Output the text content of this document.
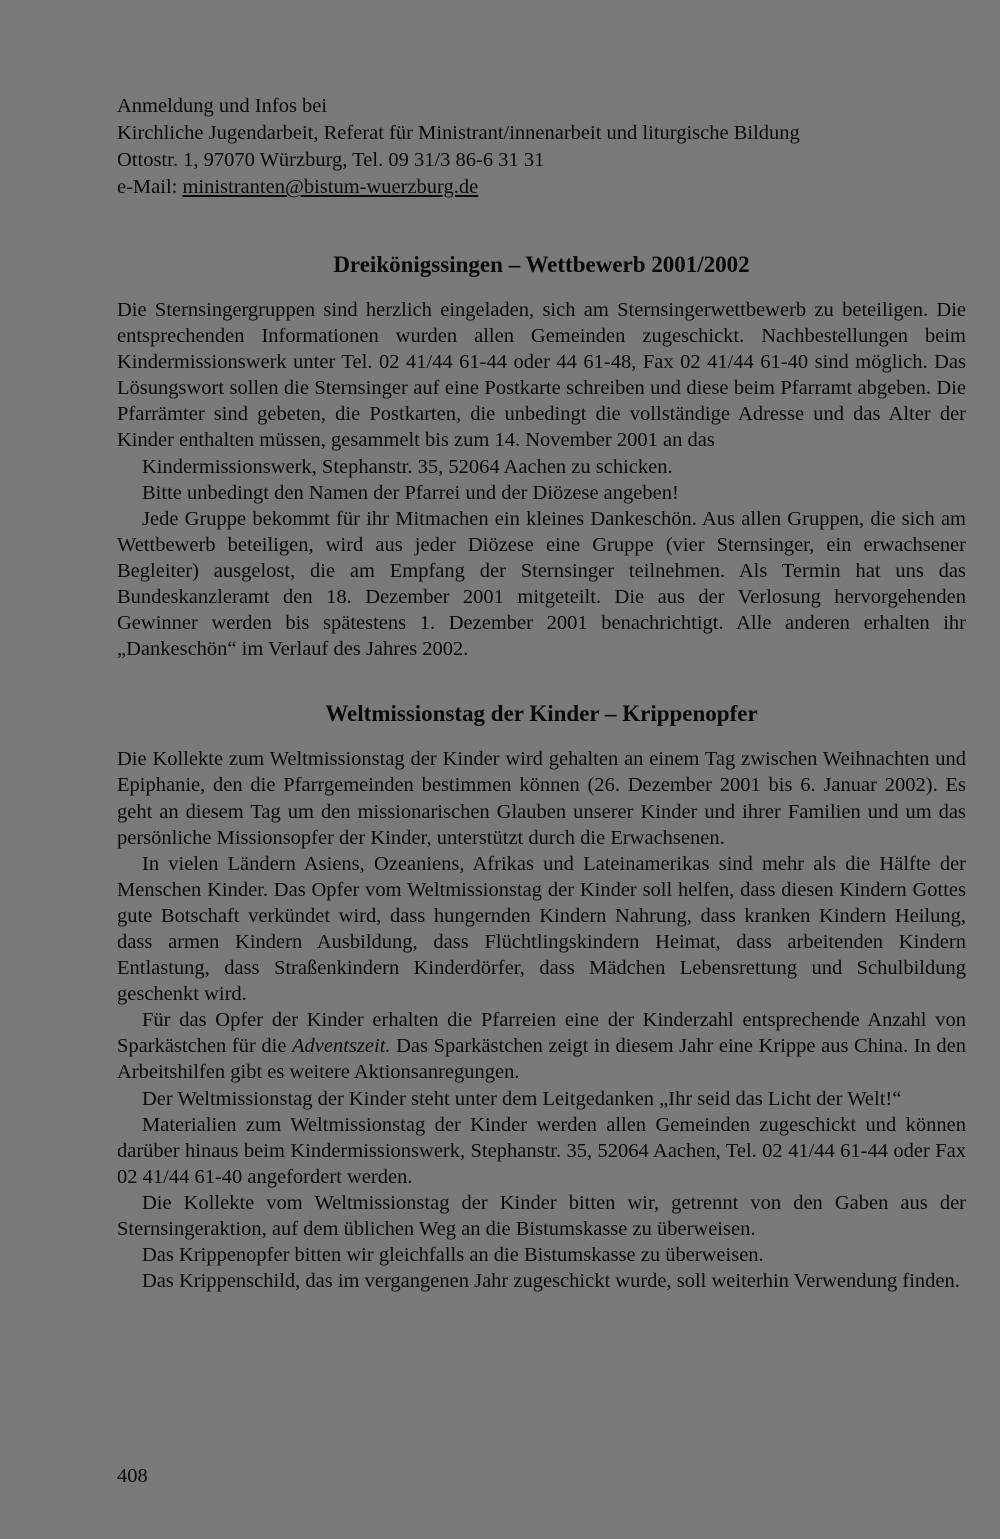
Anmeldung und Infos bei

Kirchliche Jugendarbeit, Referat für Ministrant/innenarbeit und liturgische Bildung

Ottostr. 1, 97070 Würzburg, Tel. 09 31/3 86-6 31 31

e-Mail: ministranten@bistum-wuerzburg.de

Dreikönigssingen – Wettbewerb 2001/2002

Die Sternsingergruppen sind herzlich eingeladen, sich am Sternsingerwettbewerb zu beteiligen. Die entsprechenden Informationen wurden allen Gemeinden zugeschickt. Nachbestellungen beim Kindermissionswerk unter Tel. 02 41/44 61-44 oder 44 61-48, Fax 02 41/44 61-40 sind möglich. Das Lösungswort sollen die Sternsinger auf eine Postkarte schreiben und diese beim Pfarramt abgeben. Die Pfarrämter sind gebeten, die Postkarten, die unbedingt die vollständige Adresse und das Alter der Kinder enthalten müssen, gesammelt bis zum 14. November 2001 an das

Kindermissionswerk, Stephanstr. 35, 52064 Aachen zu schicken.

Bitte unbedingt den Namen der Pfarrei und der Diözese angeben!

Jede Gruppe bekommt für ihr Mitmachen ein kleines Dankeschön. Aus allen Gruppen, die sich am Wettbewerb beteiligen, wird aus jeder Diözese eine Gruppe (vier Sternsinger, ein erwachsener Begleiter) ausgelost, die am Empfang der Sternsinger teilnehmen. Als Termin hat uns das Bundeskanzleramt den 18. Dezember 2001 mitgeteilt. Die aus der Verlosung hervorgehenden Gewinner werden bis spätestens 1. Dezember 2001 benachrichtigt. Alle anderen erhalten ihr „Dankeschön“ im Verlauf des Jahres 2002.

Weltmissionstag der Kinder – Krippenopfer

Die Kollekte zum Weltmissionstag der Kinder wird gehalten an einem Tag zwischen Weihnachten und Epiphanie, den die Pfarrgemeinden bestimmen können (26. Dezember 2001 bis 6. Januar 2002). Es geht an diesem Tag um den missionarischen Glauben unserer Kinder und ihrer Familien und um das persönliche Missionsopfer der Kinder, unterstützt durch die Erwachsenen.

In vielen Ländern Asiens, Ozeaniens, Afrikas und Lateinamerikas sind mehr als die Hälfte der Menschen Kinder. Das Opfer vom Weltmissionstag der Kinder soll helfen, dass diesen Kindern Gottes gute Botschaft verkündet wird, dass hungernden Kindern Nahrung, dass kranken Kindern Heilung, dass armen Kindern Ausbildung, dass Flüchtlingskindern Heimat, dass arbeitenden Kindern Entlastung, dass Straßenkindern Kinderdörfer, dass Mädchen Lebensrettung und Schulbildung geschenkt wird.

Für das Opfer der Kinder erhalten die Pfarreien eine der Kinderzahl entsprechende Anzahl von Sparkästchen für die Adventszeit. Das Sparkästchen zeigt in diesem Jahr eine Krippe aus China. In den Arbeitshilfen gibt es weitere Aktionsanregungen.

Der Weltmissionstag der Kinder steht unter dem Leitgedanken „Ihr seid das Licht der Welt!“

Materialien zum Weltmissionstag der Kinder werden allen Gemeinden zugeschickt und können darüber hinaus beim Kindermissionswerk, Stephanstr. 35, 52064 Aachen, Tel. 02 41/44 61-44 oder Fax 02 41/44 61-40 angefordert werden.

Die Kollekte vom Weltmissionstag der Kinder bitten wir, getrennt von den Gaben aus der Sternsingeraktion, auf dem üblichen Weg an die Bistumskasse zu überweisen.

Das Krippenopfer bitten wir gleichfalls an die Bistumskasse zu überweisen.

Das Krippenschild, das im vergangenen Jahr zugeschickt wurde, soll weiterhin Verwendung finden.

408
